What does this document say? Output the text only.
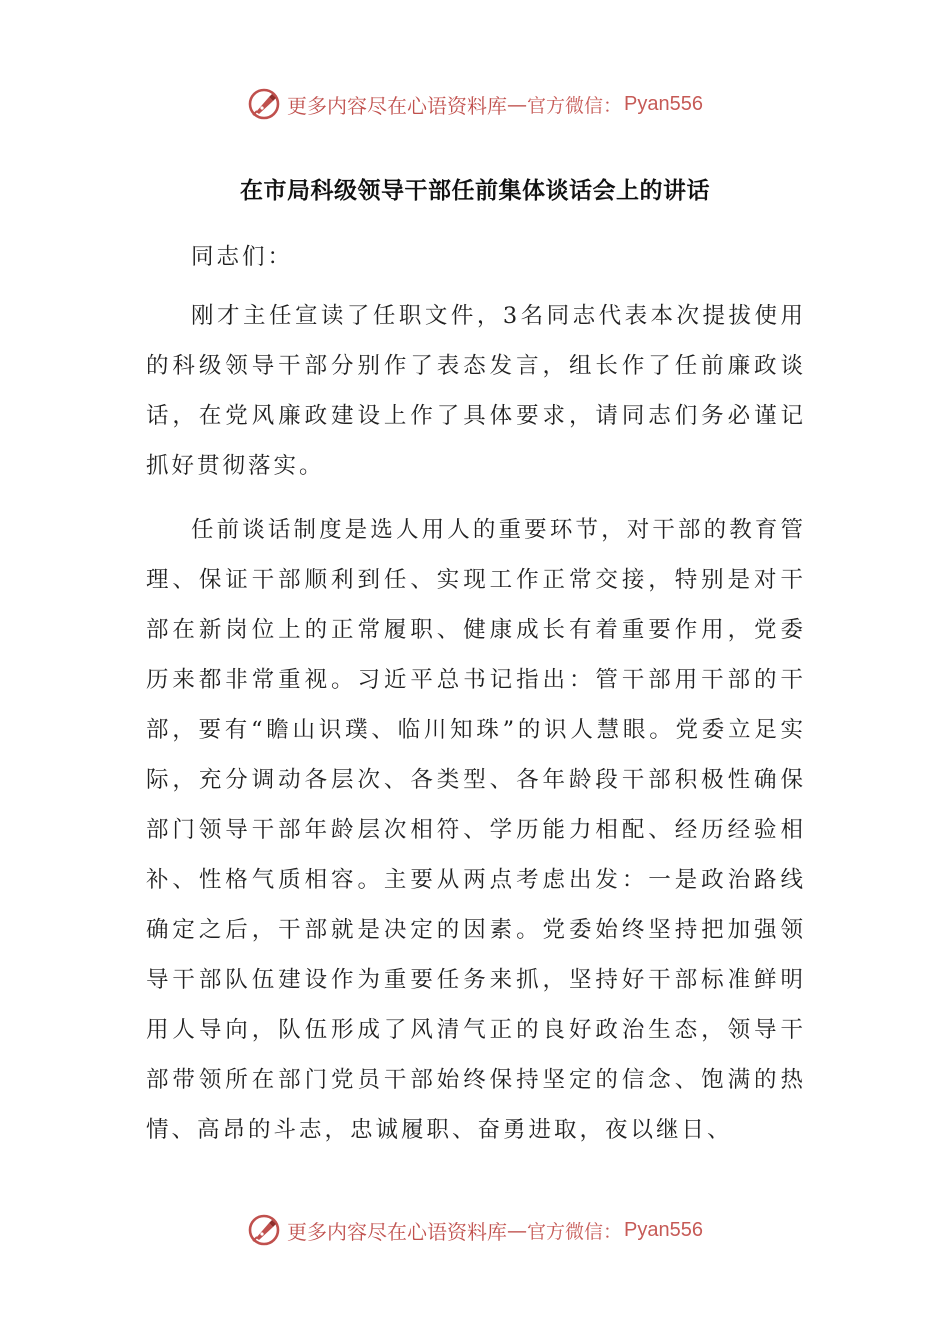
更多内容尽在心语资料库 — 官方微信： Pyan556
在市局科级领导干部任前集体谈话会上的讲话

同志们：

刚才主任宣读了任职文件，3名同志代表本次提拔使用的科级领导干部分别作了表态发言，组长作了任前廉政谈话，在党风廉政建设上作了具体要求，请同志们务必谨记抓好贯彻落实。

任前谈话制度是选人用人的重要环节，对干部的教育管理、保证干部顺利到任、实现工作正常交接，特别是对干部在新岗位上的正常履职、健康成长有着重要作用，党委历来都非常重视。习近平总书记指出：管干部用干部的干部，要有“瞻山识璞、临川知珠”的识人慧眼。党委立足实际，充分调动各层次、各类型、各年龄段干部积极性确保部门领导干部年龄层次相符、学历能力相配、经历经验相补、性格气质相容。主要从两点考虑出发：一是政治路线确定之后，干部就是决定的因素。党委始终坚持把加强领导干部队伍建设作为重要任务来抓，坚持好干部标准鲜明用人导向，队伍形成了风清气正的良好政治生态，领导干部带领所在部门党员干部始终保持坚定的信念、饱满的热情、高昂的斗志，忠诚履职、奋勇进取，夜以继日、

更多内容尽在心语资料库 — 官方微信： Pyan556
